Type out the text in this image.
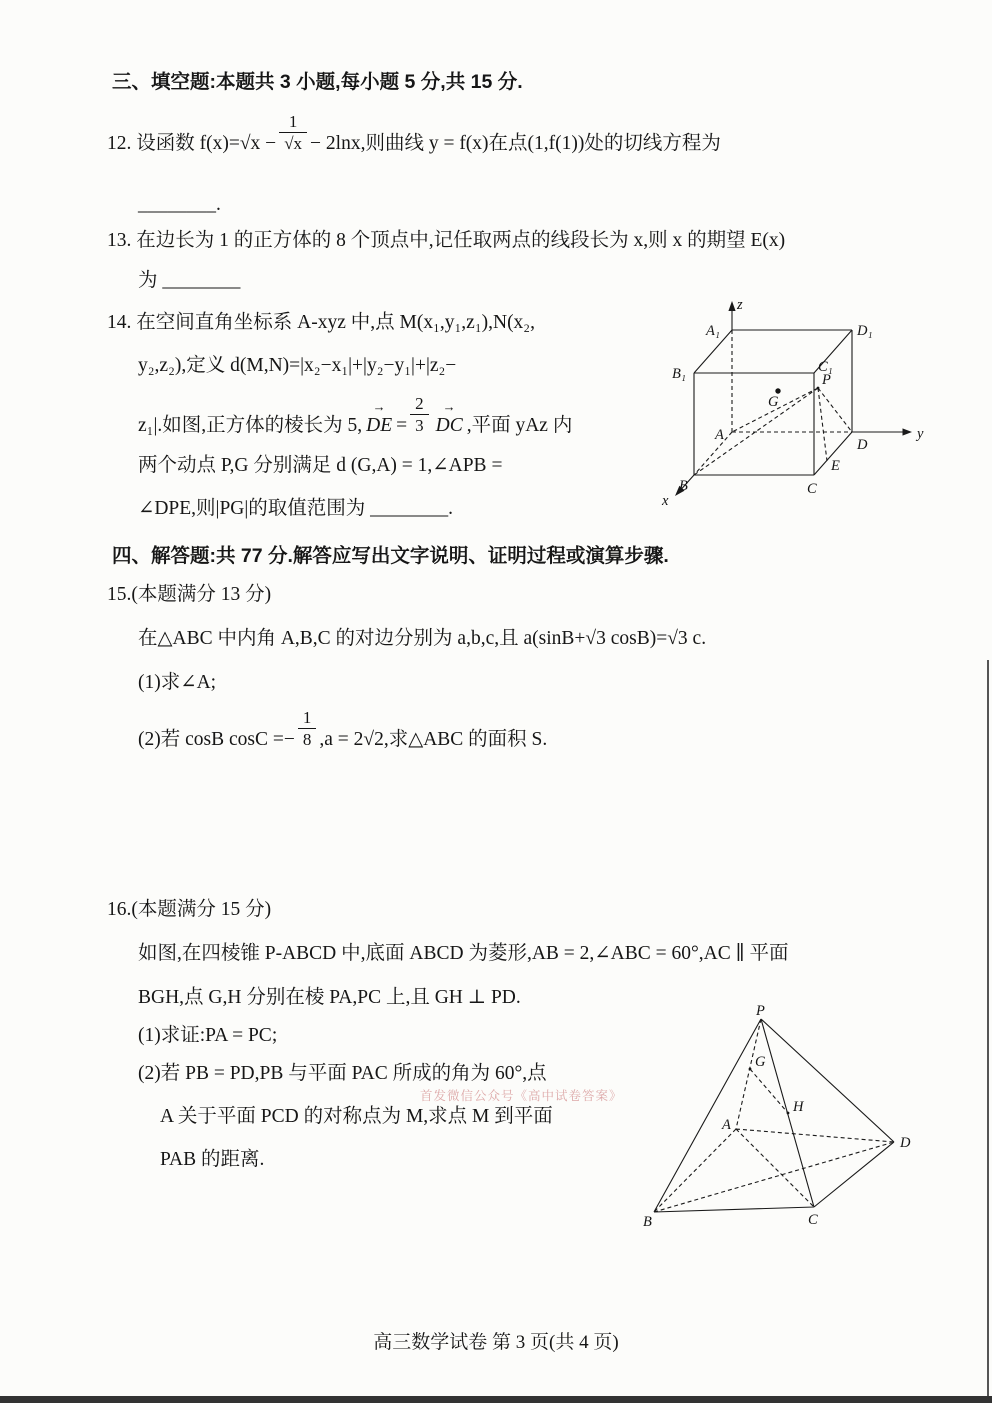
三、填空题:本题共 3 小题,每小题 5 分,共 15 分.
12. 设函数 $f(x)=√x - \frac{1}{√x} - 2\ln x$,则曲线 y = f(x)在点(1,f(1))处的切线方程为
________.
13. 在边长为 1 的正方体的 8 个顶点中,记任取两点的线段长为 x,则 x 的期望 E(x)
为 ________
14. 在空间直角坐标系 A-xyz 中,点 M(x₁,y₁,z₁),N(x₂,
y₂,z₂),定义 d(M,N)=|x₂−x₁|+|y₂−y₁|+|z₂−
z₁|.如图,正方体的棱长为 5, → DE = $\frac{2}{3}$ → DC ,平面 yAz 内
两个动点 P,G 分别满足 d (G,A) = 1,∠APB =
∠DPE,则|PG|的取值范围为 ________.
z
A₁	D₁
B₁	C₁
P
G
A
D
y
E
B
x
C
四、解答题:共 77 分.解答应写出文字说明、证明过程或演算步骤.
15.(本题满分 13 分)
在△ABC 中内角 A,B,C 的对边分别为 a,b,c,且 a(sinB+√3 cosB)=√3 c.
(1)求∠A;
(2)若 cosB $\cos C =- \frac{1}{8} ,a = 2√2$,求△ABC 的面积 S.
16.(本题满分 15 分)
如图,在四棱锥 P-ABCD 中,底面 ABCD 为菱形,AB = 2,∠ABC = 60°,AC ∥ 平面
BGH,点 G,H 分别在棱 PA,PC 上,且 GH ⊥ PD.
(1)求证:PA = PC;
(2)若 PB = PD,PB 与平面 PAC 所成的角为 60°,点
A 关于平面 PCD 的对称点为 M,求点 M 到平面
PAB 的距离.
P
G
H
A
D
B	C
首发微信公众号《高中试卷答案》
高三数学试卷 第 3 页(共 4 页)
